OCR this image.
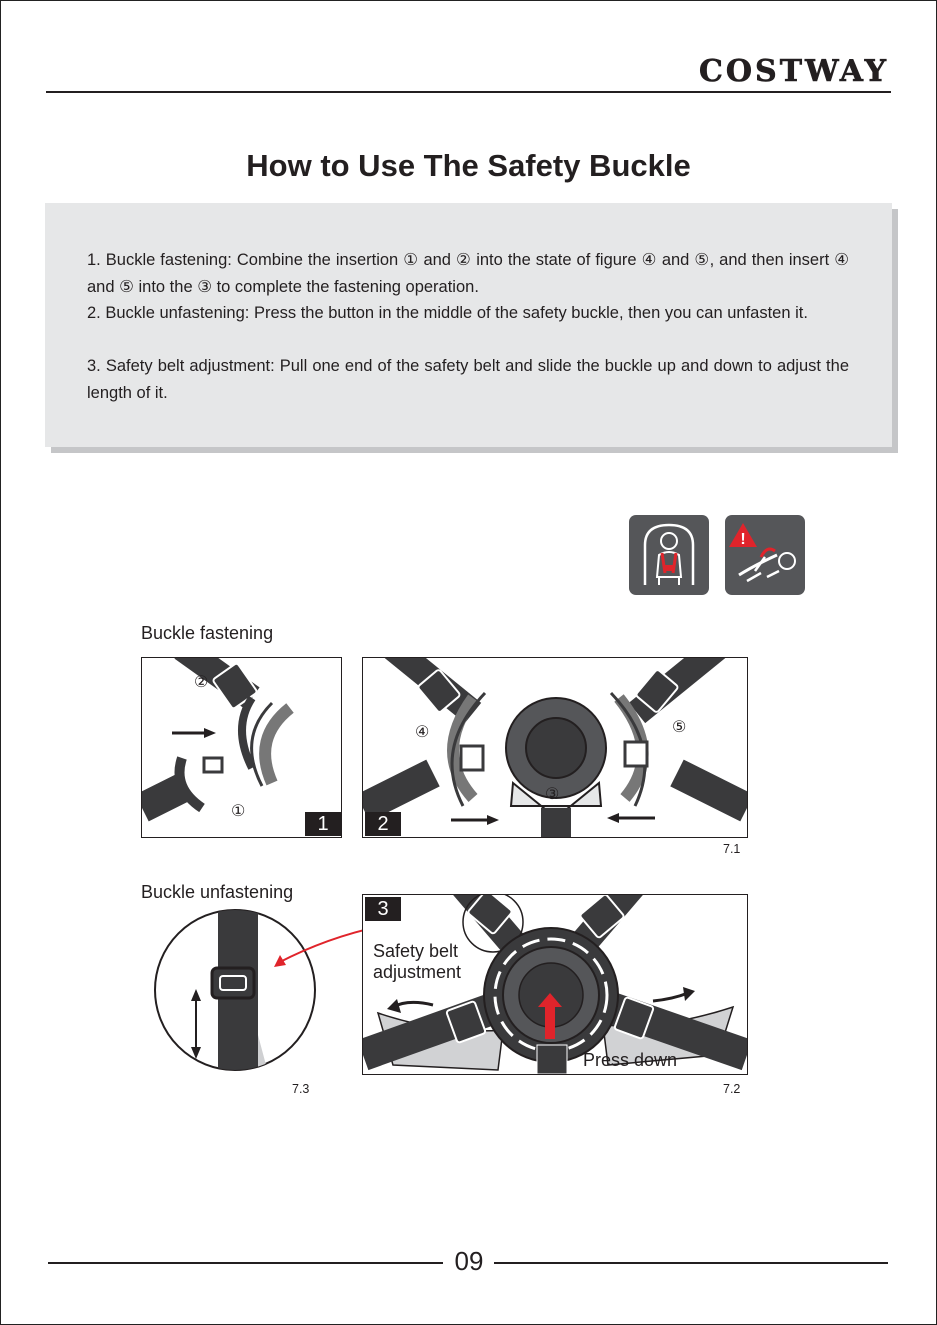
COSTWAY
How to Use The Safety Buckle

1. Buckle fastening: Combine the insertion ① and ② into the state of figure ④ and ⑤, and then insert ④ and ⑤ into the ③ to complete the fastening operation.

2. Buckle unfastening: Press the button in the middle of the safety buckle, then you can unfasten it.

3. Safety belt adjustment: Pull one end of the safety belt and slide the buckle up and down to adjust the length of it.

!
Buckle fastening
②
①
1
④	⑤
③
2
7.1
Buckle unfastening
3
Safety belt
adjustment
Press down
7.3	7.2
09
